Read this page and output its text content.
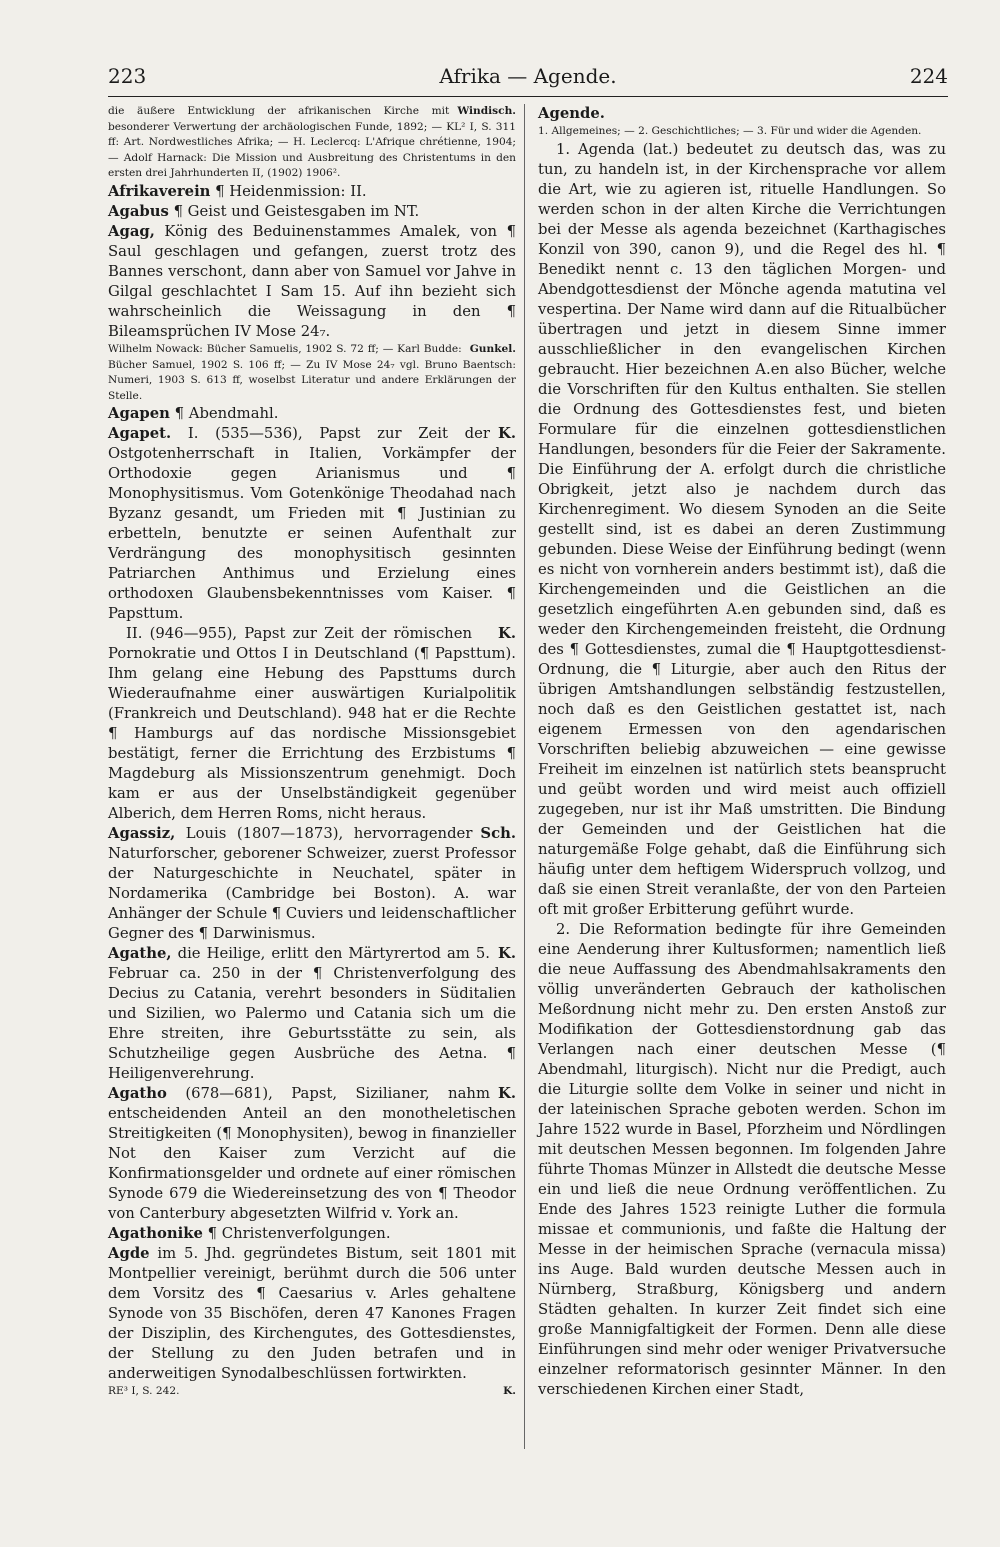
223	Afrika — Agende.	224

Windisch.
die äußere Entwicklung der afrikanischen Kirche mit besonderer Verwertung der archäologischen Funde, 1892; — KL² I, S. 311 ff: Art. Nordwestliches Afrika; — H. Leclercq: L'Afrique chrétienne, 1904; — Adolf Harnack: Die Mission und Ausbreitung des Christentums in den ersten drei Jahrhunderten II, (1902) 1906².

Afrikaverein ¶ Heidenmission: II.

Agabus ¶ Geist und Geistesgaben im NT.

Agag, König des Beduinenstammes Amalek, von ¶ Saul geschlagen und gefangen, zuerst trotz des Bannes verschont, dann aber von Samuel vor Jahve in Gilgal geschlachtet I Sam 15. Auf ihn bezieht sich wahrscheinlich die Weissagung in den ¶ Bileamsprüchen IV Mose 24₇.

Gunkel.
Wilhelm Nowack: Bücher Samuelis, 1902 S. 72 ff; — Karl Budde: Bücher Samuel, 1902 S. 106 ff; — Zu IV Mose 24₇ vgl. Bruno Baentsch: Numeri, 1903 S. 613 ff, woselbst Literatur und andere Erklärungen der Stelle.

Agapen ¶ Abendmahl.

K.
Agapet. I. (535—536), Papst zur Zeit der Ostgotenherrschaft in Italien, Vorkämpfer der Orthodoxie gegen Arianismus und ¶ Monophysitismus. Vom Gotenkönige Theodahad nach Byzanz gesandt, um Frieden mit ¶ Justinian zu erbetteln, benutzte er seinen Aufenthalt zur Verdrängung des monophysitisch gesinnten Patriarchen Anthimus und Erzielung eines orthodoxen Glaubensbekenntnisses vom Kaiser. ¶ Papsttum.

K.
II. (946—955), Papst zur Zeit der römischen Pornokratie und Ottos I in Deutschland (¶ Papsttum). Ihm gelang eine Hebung des Papsttums durch Wiederaufnahme einer auswärtigen Kurialpolitik (Frankreich und Deutschland). 948 hat er die Rechte ¶ Hamburgs auf das nordische Missionsgebiet bestätigt, ferner die Errichtung des Erzbistums ¶ Magdeburg als Missionszentrum genehmigt. Doch kam er aus der Unselbständigkeit gegenüber Alberich, dem Herren Roms, nicht heraus.

Sch.
Agassiz, Louis (1807—1873), hervorragender Naturforscher, geborener Schweizer, zuerst Professor der Naturgeschichte in Neuchatel, später in Nordamerika (Cambridge bei Boston). A. war Anhänger der Schule ¶ Cuviers und leidenschaftlicher Gegner des ¶ Darwinismus.

K.
Agathe, die Heilige, erlitt den Märtyrertod am 5. Februar ca. 250 in der ¶ Christenverfolgung des Decius zu Catania, verehrt besonders in Süditalien und Sizilien, wo Palermo und Catania sich um die Ehre streiten, ihre Geburtsstätte zu sein, als Schutzheilige gegen Ausbrüche des Aetna. ¶ Heiligenverehrung.

K.
Agatho (678—681), Papst, Sizilianer, nahm entscheidenden Anteil an den monotheletischen Streitigkeiten (¶ Monophysiten), bewog in finanzieller Not den Kaiser zum Verzicht auf die Konfirmationsgelder und ordnete auf einer römischen Synode 679 die Wiedereinsetzung des von ¶ Theodor von Canterbury abgesetzten Wilfrid v. York an.

Agathonike ¶ Christenverfolgungen.

Agde im 5. Jhd. gegründetes Bistum, seit 1801 mit Montpellier vereinigt, berühmt durch die 506 unter dem Vorsitz des ¶ Caesarius v. Arles gehaltene Synode von 35 Bischöfen, deren 47 Kanones Fragen der Disziplin, des Kirchengutes, des Gottesdienstes, der Stellung zu den Juden betrafen und in anderweitigen Synodalbeschlüssen fortwirkten.

K.
RE³ I, S. 242.

Agende.

1. Allgemeines; — 2. Geschichtliches; — 3. Für und wider die Agenden.

1. Agenda (lat.) bedeutet zu deutsch das, was zu tun, zu handeln ist, in der Kirchensprache vor allem die Art, wie zu agieren ist, rituelle Handlungen. So werden schon in der alten Kirche die Verrichtungen bei der Messe als agenda bezeichnet (Karthagisches Konzil von 390, canon 9), und die Regel des hl. ¶ Benedikt nennt c. 13 den täglichen Morgen- und Abendgottesdienst der Mönche agenda matutina vel vespertina. Der Name wird dann auf die Ritualbücher übertragen und jetzt in diesem Sinne immer ausschließlicher in den evangelischen Kirchen gebraucht. Hier bezeichnen A.en also Bücher, welche die Vorschriften für den Kultus enthalten. Sie stellen die Ordnung des Gottesdienstes fest, und bieten Formulare für die einzelnen gottesdienstlichen Handlungen, besonders für die Feier der Sakramente. Die Einführung der A. erfolgt durch die christliche Obrigkeit, jetzt also je nachdem durch das Kirchenregiment. Wo diesem Synoden an die Seite gestellt sind, ist es dabei an deren Zustimmung gebunden. Diese Weise der Einführung bedingt (wenn es nicht von vornherein anders bestimmt ist), daß die Kirchengemeinden und die Geistlichen an die gesetzlich eingeführten A.en gebunden sind, daß es weder den Kirchengemeinden freisteht, die Ordnung des ¶ Gottesdienstes, zumal die ¶ Hauptgottesdienst-Ordnung, die ¶ Liturgie, aber auch den Ritus der übrigen Amtshandlungen selbständig festzustellen, noch daß es den Geistlichen gestattet ist, nach eigenem Ermessen von den agendarischen Vorschriften beliebig abzuweichen — eine gewisse Freiheit im einzelnen ist natürlich stets beansprucht und geübt worden und wird meist auch offiziell zugegeben, nur ist ihr Maß umstritten. Die Bindung der Gemeinden und der Geistlichen hat die naturgemäße Folge gehabt, daß die Einführung sich häufig unter dem heftigem Widerspruch vollzog, und daß sie einen Streit veranlaßte, der von den Parteien oft mit großer Erbitterung geführt wurde.

2. Die Reformation bedingte für ihre Gemeinden eine Aenderung ihrer Kultusformen; namentlich ließ die neue Auffassung des Abendmahlsakraments den völlig unveränderten Gebrauch der katholischen Meßordnung nicht mehr zu. Den ersten Anstoß zur Modifikation der Gottesdienstordnung gab das Verlangen nach einer deutschen Messe (¶ Abendmahl, liturgisch). Nicht nur die Predigt, auch die Liturgie sollte dem Volke in seiner und nicht in der lateinischen Sprache geboten werden. Schon im Jahre 1522 wurde in Basel, Pforzheim und Nördlingen mit deutschen Messen begonnen. Im folgenden Jahre führte Thomas Münzer in Allstedt die deutsche Messe ein und ließ die neue Ordnung veröffentlichen. Zu Ende des Jahres 1523 reinigte Luther die formula missae et communionis, und faßte die Haltung der Messe in der heimischen Sprache (vernacula missa) ins Auge. Bald wurden deutsche Messen auch in Nürnberg, Straßburg, Königsberg und andern Städten gehalten. In kurzer Zeit findet sich eine große Mannigfaltigkeit der Formen. Denn alle diese Einführungen sind mehr oder weniger Privatversuche einzelner reformatorisch gesinnter Männer. In den verschiedenen Kirchen einer Stadt,
